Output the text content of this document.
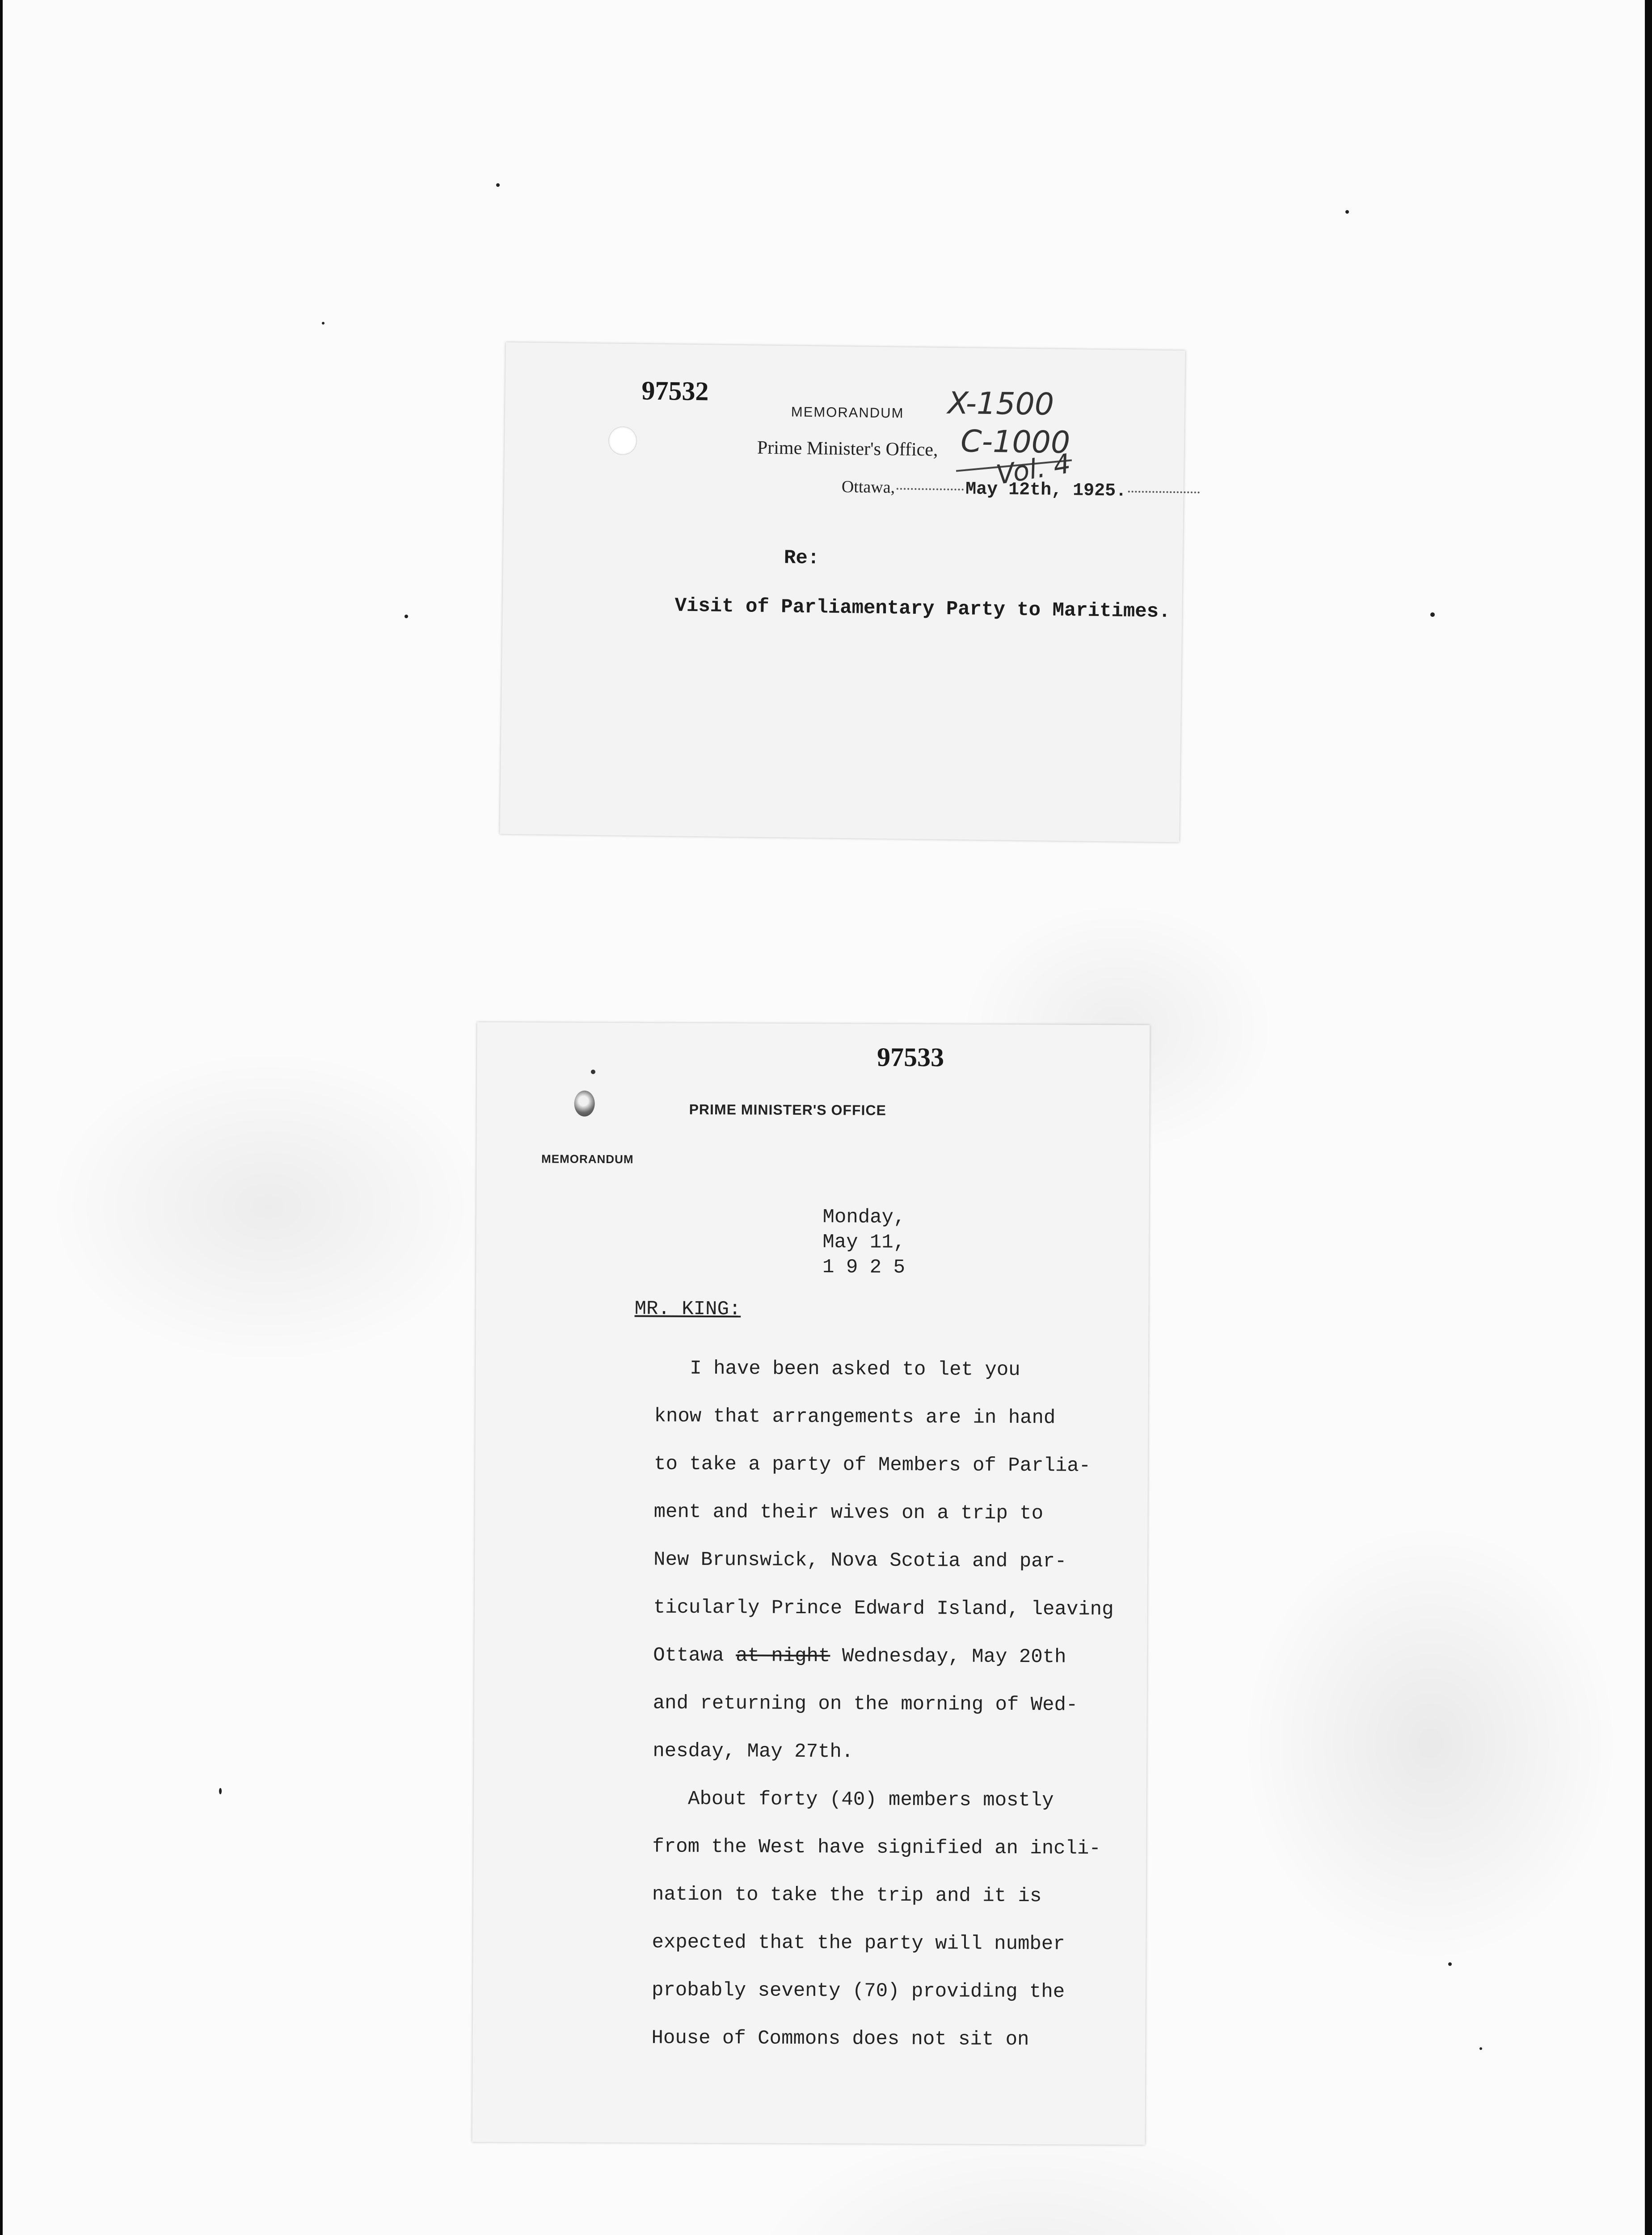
97532
MEMORANDUM
Prime Minister's Office,
Ottawa,	May 12th, 1925.
Re:
Visit of Parliamentary Party to Maritimes.
X-1500
C-1000
Vol. 4
97533
PRIME MINISTER'S OFFICE
MEMORANDUM
Monday,
May 11,
1 9 2 5
MR. KING:
I have been asked to let you
know that arrangements are in hand
to take a party of Members of Parlia-
ment and their wives on a trip to
New Brunswick, Nova Scotia and par-
ticularly Prince Edward Island, leaving
Ottawa at night Wednesday, May 20th
and returning on the morning of Wed-
nesday, May 27th.
About forty (40) members mostly
from the West have signified an incli-
nation to take the trip and it is
expected that the party will number
probably seventy (70) providing the
House of Commons does not sit on
